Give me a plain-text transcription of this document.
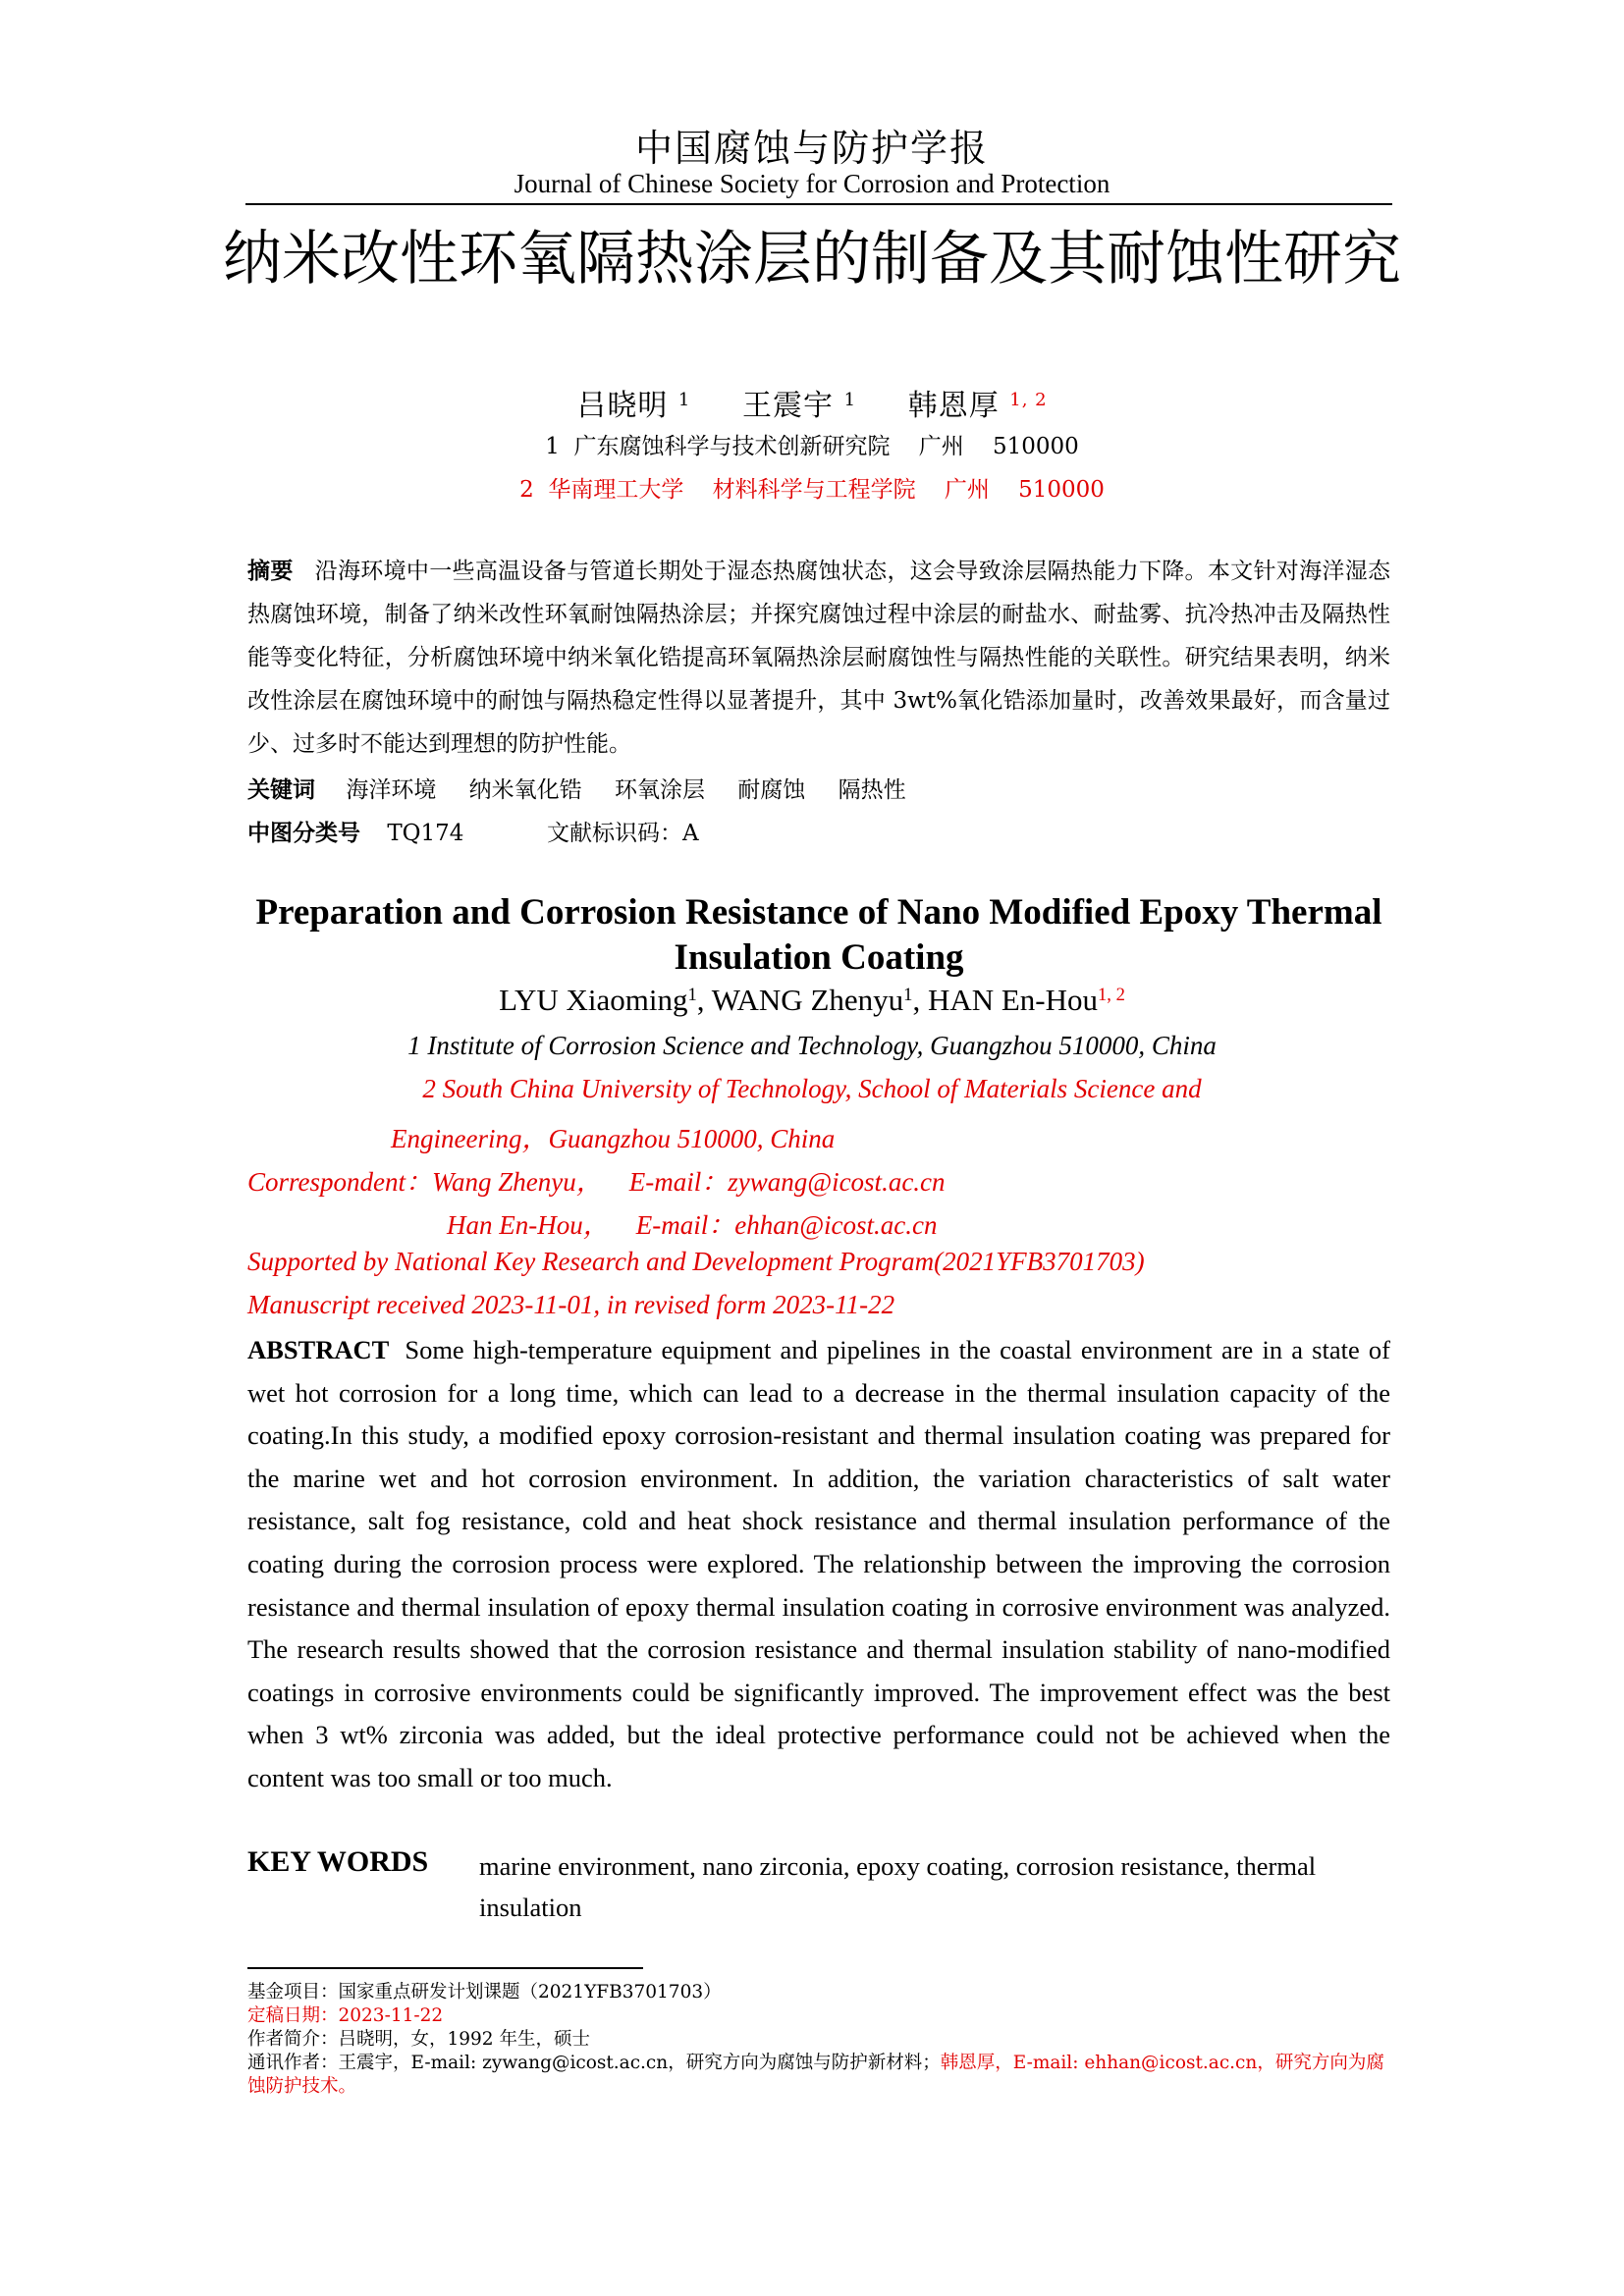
中国腐蚀与防护学报
Journal of Chinese Society for Corrosion and Protection
纳米改性环氧隔热涂层的制备及其耐蚀性研究
吕晓明 $^1$ 王震宇 $^1$ 韩恩厚 $^{1, 2}$
1  广东腐蚀科学与技术创新研究院    广州    510000
2  华南理工大学    材料科学与工程学院    广州    510000
摘要 沿海环境中一些高温设备与管道长期处于湿态热腐蚀状态，这会导致涂层隔热能力下降。本文针对海洋湿态热腐蚀环境，制备了纳米改性环氧耐蚀隔热涂层；并探究腐蚀过程中涂层的耐盐水、耐盐雾、抗冷热冲击及隔热性能等变化特征，分析腐蚀环境中纳米氧化锆提高环氧隔热涂层耐腐蚀性与隔热性能的关联性。研究结果表明，纳米改性涂层在腐蚀环境中的耐蚀与隔热稳定性得以显著提升，其中 3wt%氧化锆添加量时，改善效果最好，而含量过少、过多时不能达到理想的防护性能。
关键词 海洋环境 纳米氧化锆 环氧涂层 耐腐蚀 隔热性
中图分类号 TQ174	文献标识码：A
Preparation and Corrosion Resistance of Nano Modified Epoxy Thermal Insulation Coating
LYU Xiaoming$^1$, WANG Zhenyu$^1$, HAN En-Hou$^{1, 2}$
1 Institute of Corrosion Science and Technology, Guangzhou 510000, China
2 South China University of Technology, School of Materials Science and
Engineering，Guangzhou 510000, China
Correspondent：Wang Zhenyu，    E-mail：zywang@icost.ac.cn
Han En-Hou，    E-mail：ehhan@icost.ac.cn
Supported by National Key Research and Development Program(2021YFB3701703)
Manuscript received 2023-11-01, in revised form 2023-11-22
ABSTRACT Some high-temperature equipment and pipelines in the coastal environment are in a state of wet hot corrosion for a long time, which can lead to a decrease in the thermal insulation capacity of the coating.In this study, a modified epoxy corrosion-resistant and thermal insulation coating was prepared for the marine wet and hot corrosion environment. In addition, the variation characteristics of salt water resistance, salt fog resistance, cold and heat shock resistance and thermal insulation performance of the coating during the corrosion process were explored. The relationship between the improving the corrosion resistance and thermal insulation of epoxy thermal insulation coating in corrosive environment was analyzed. The research results showed that the corrosion resistance and thermal insulation stability of nano-modified coatings in corrosive environments could be significantly improved. The improvement effect was the best when 3 wt% zirconia was added, but the ideal protective performance could not be achieved when the content was too small or too much.
KEY WORDS marine environment, nano zirconia, epoxy coating, corrosion resistance, thermal insulation
基金项目：国家重点研发计划课题（2021YFB3701703）
定稿日期：2023-11-22
作者简介：吕晓明，女，1992 年生，硕士
通讯作者：王震宇，E-mail: zywang@icost.ac.cn，研究方向为腐蚀与防护新材料；韩恩厚，E-mail: ehhan@icost.ac.cn，研究方向为腐蚀防护技术。
